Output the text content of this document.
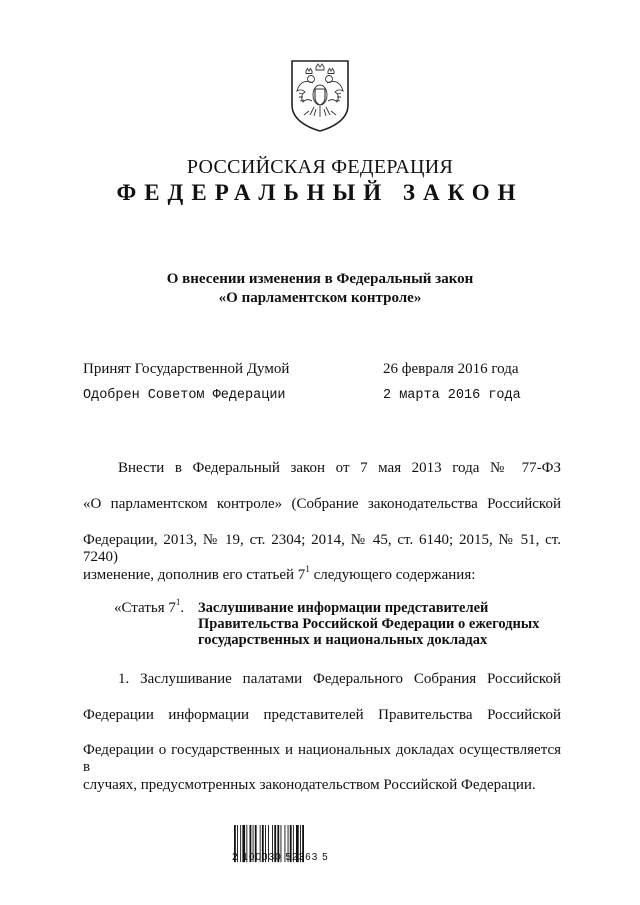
РОССИЙСКАЯ ФЕДЕРАЦИЯ
ФЕДЕРАЛЬНЫЙ ЗАКОН
О внесении изменения в Федеральный закон
«О парламентском контроле»
Принят Государственной Думой	26 февраля 2016 года
Одобрен Советом Федерации	2 марта 2016 года
Внести в Федеральный закон от 7 мая 2013 года № 77-ФЗ
«О парламентском контроле» (Собрание законодательства Российской
Федерации, 2013, № 19, ст. 2304; 2014, № 45, ст. 6140; 2015, № 51, ст. 7240)
изменение, дополнив его статьей $7^1$ следующего содержания:
«Статья $7^1$. Заслушивание информации представителей
Правительства Российской Федерации о ежегодных
государственных и национальных докладах
1. Заслушивание палатами Федерального Собрания Российской
Федерации информации представителей Правительства Российской
Федерации о государственных и национальных докладах осуществляется в
случаях, предусмотренных законодательством Российской Федерации.
2 100030 52363 5
